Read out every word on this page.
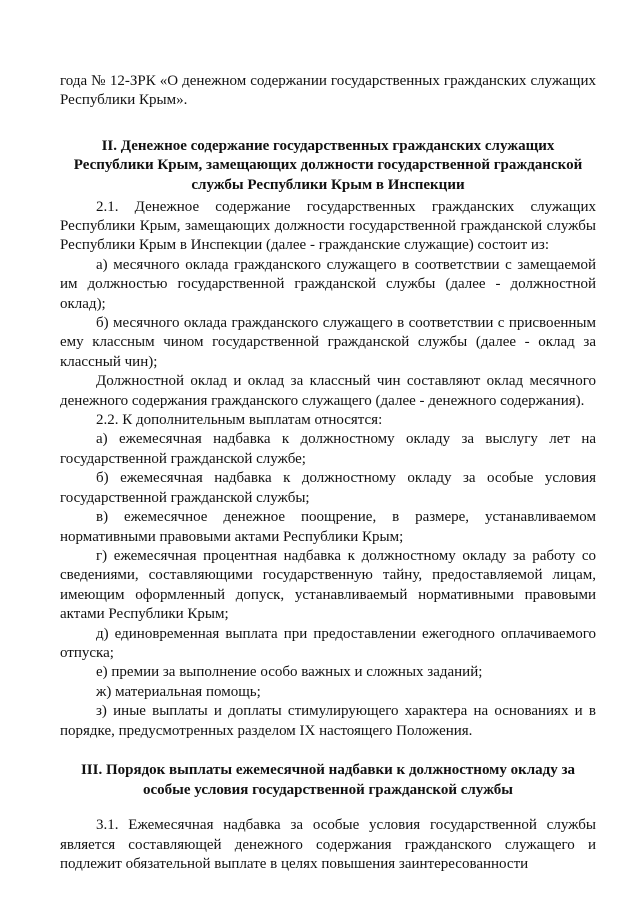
года № 12-ЗРК «О денежном содержании государственных гражданских служащих Республики Крым».

II. Денежное содержание государственных гражданских служащих Республики Крым, замещающих должности государственной гражданской службы Республики Крым в Инспекции

2.1. Денежное содержание государственных гражданских служащих Республики Крым, замещающих должности государственной гражданской службы Республики Крым в Инспекции (далее - гражданские служащие) состоит из:

а) месячного оклада гражданского служащего в соответствии с замещаемой им должностью государственной гражданской службы (далее - должностной оклад);

б) месячного оклада гражданского служащего в соответствии с присвоенным ему классным чином государственной гражданской службы (далее - оклад за классный чин);

Должностной оклад и оклад за классный чин составляют оклад месячного денежного содержания гражданского служащего (далее - денежного содержания).

2.2. К дополнительным выплатам относятся:

а) ежемесячная надбавка к должностному окладу за выслугу лет на государственной гражданской службе;

б) ежемесячная надбавка к должностному окладу за особые условия государственной гражданской службы;

в) ежемесячное денежное поощрение, в размере, устанавливаемом нормативными правовыми актами Республики Крым;

г) ежемесячная процентная надбавка к должностному окладу за работу со сведениями, составляющими государственную тайну, предоставляемой лицам, имеющим оформленный допуск, устанавливаемый нормативными правовыми актами Республики Крым;

д) единовременная выплата при предоставлении ежегодного оплачиваемого отпуска;

е) премии за выполнение особо важных и сложных заданий;

ж) материальная помощь;

з) иные выплаты и доплаты стимулирующего характера на основаниях и в порядке, предусмотренных разделом IX настоящего Положения.

III. Порядок выплаты ежемесячной надбавки к должностному окладу за особые условия государственной гражданской службы

3.1. Ежемесячная надбавка за особые условия государственной службы является составляющей денежного содержания гражданского служащего и подлежит обязательной выплате в целях повышения заинтересованности
